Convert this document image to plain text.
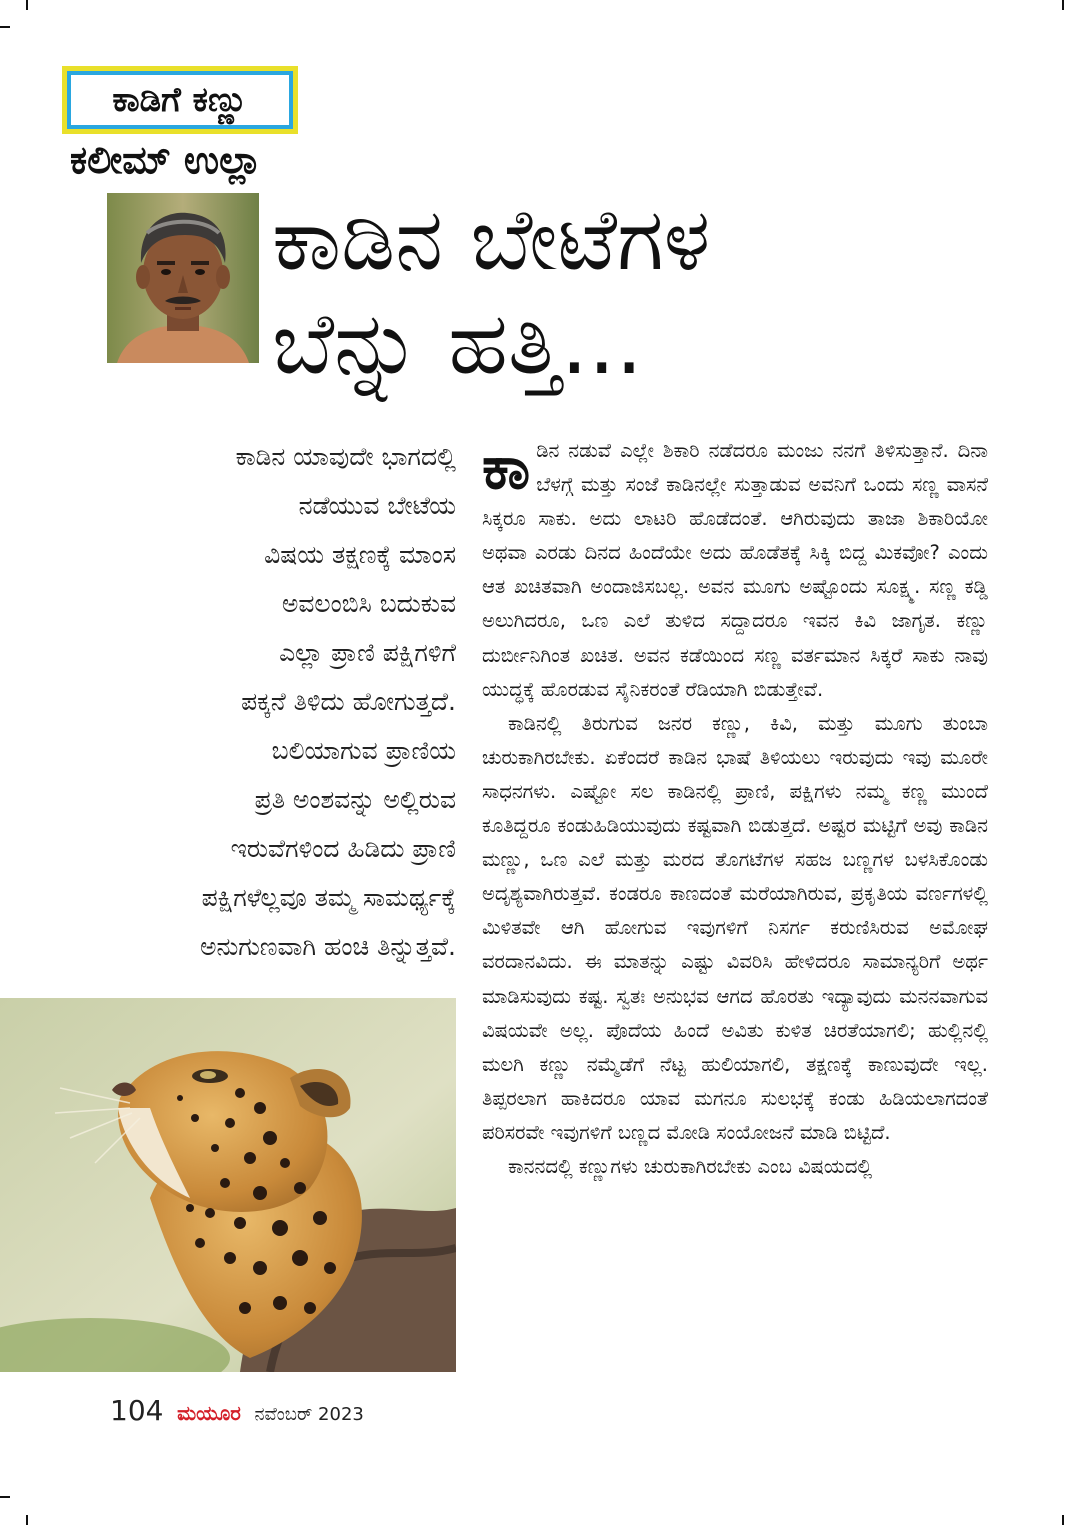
ಕಾಡಿಗೆ ಕಣ್ಣು
ಕಲೀಮ್ ಉಲ್ಲಾ
ಕಾಡಿನ ಬೇಟೆಗಳ
ಬೆನ್ನು ಹತ್ತಿ...
ಕಾಡಿನ ಯಾವುದೇ ಭಾಗದಲ್ಲಿ
ನಡೆಯುವ ಬೇಟೆಯ
ವಿಷಯ ತಕ್ಷಣಕ್ಕೆ ಮಾಂಸ
ಅವಲಂಬಿಸಿ ಬದುಕುವ
ಎಲ್ಲಾ ಪ್ರಾಣಿ ಪಕ್ಷಿಗಳಿಗೆ
ಪಕ್ಕನೆ ತಿಳಿದು ಹೋಗುತ್ತದೆ.
ಬಲಿಯಾಗುವ ಪ್ರಾಣಿಯ
ಪ್ರತಿ ಅಂಶವನ್ನು ಅಲ್ಲಿರುವ
ಇರುವೆಗಳಿಂದ ಹಿಡಿದು ಪ್ರಾಣಿ
ಪಕ್ಷಿಗಳೆಲ್ಲವೂ ತಮ್ಮ ಸಾಮರ್ಥ್ಯಕ್ಕೆ
ಅನುಗುಣವಾಗಿ ಹಂಚಿ ತಿನ್ನುತ್ತವೆ.

ಕಾಡಿನ ನಡುವೆ ಎಲ್ಲೇ ಶಿಕಾರಿ ನಡೆದರೂ ಮಂಜು ನನಗೆ ತಿಳಿಸುತ್ತಾನೆ. ದಿನಾ ಬೆಳಗ್ಗೆ ಮತ್ತು ಸಂಜೆ ಕಾಡಿನಲ್ಲೇ ಸುತ್ತಾಡುವ ಅವನಿಗೆ ಒಂದು ಸಣ್ಣ ವಾಸನೆ ಸಿಕ್ಕರೂ ಸಾಕು. ಅದು ಲಾಟರಿ ಹೊಡೆದಂತೆ. ಆಗಿರುವುದು ತಾಜಾ ಶಿಕಾರಿಯೋ ಅಥವಾ ಎರಡು ದಿನದ ಹಿಂದೆಯೇ ಅದು ಹೊಡೆತಕ್ಕೆ ಸಿಕ್ಕಿ ಬಿದ್ದ ಮಿಕವೋ? ಎಂದು ಆತ ಖಚಿತವಾಗಿ ಅಂದಾಜಿಸಬಲ್ಲ. ಅವನ ಮೂಗು ಅಷ್ಟೊಂದು ಸೂಕ್ಷ್ಮ. ಸಣ್ಣ ಕಡ್ಡಿ ಅಲುಗಿದರೂ, ಒಣ ಎಲೆ ತುಳಿದ ಸದ್ದಾದರೂ ಇವನ ಕಿವಿ ಜಾಗೃತ. ಕಣ್ಣು ದುರ್ಬೀನಿಗಿಂತ ಖಚಿತ. ಅವನ ಕಡೆಯಿಂದ ಸಣ್ಣ ವರ್ತಮಾನ ಸಿಕ್ಕರೆ ಸಾಕು ನಾವು ಯುದ್ಧಕ್ಕೆ ಹೊರಡುವ ಸೈನಿಕರಂತೆ ರೆಡಿಯಾಗಿ ಬಿಡುತ್ತೇವೆ.

ಕಾಡಿನಲ್ಲಿ ತಿರುಗುವ ಜನರ ಕಣ್ಣು, ಕಿವಿ, ಮತ್ತು ಮೂಗು ತುಂಬಾ ಚುರುಕಾಗಿರಬೇಕು. ಏಕೆಂದರೆ ಕಾಡಿನ ಭಾಷೆ ತಿಳಿಯಲು ಇರುವುದು ಇವು ಮೂರೇ ಸಾಧನಗಳು. ಎಷ್ಟೋ ಸಲ ಕಾಡಿನಲ್ಲಿ ಪ್ರಾಣಿ, ಪಕ್ಷಿಗಳು ನಮ್ಮ ಕಣ್ಣ ಮುಂದೆ ಕೂತಿದ್ದರೂ ಕಂಡುಹಿಡಿಯುವುದು ಕಷ್ಟವಾಗಿ ಬಿಡುತ್ತದೆ. ಅಷ್ಟರ ಮಟ್ಟಿಗೆ ಅವು ಕಾಡಿನ ಮಣ್ಣು, ಒಣ ಎಲೆ ಮತ್ತು ಮರದ ತೊಗಟೆಗಳ ಸಹಜ ಬಣ್ಣಗಳ ಬಳಸಿಕೊಂಡು ಅದೃಶ್ಯವಾಗಿರುತ್ತವೆ. ಕಂಡರೂ ಕಾಣದಂತೆ ಮರೆಯಾಗಿರುವ, ಪ್ರಕೃತಿಯ ವರ್ಣಗಳಲ್ಲಿ ಮಿಳಿತವೇ ಆಗಿ ಹೋಗುವ ಇವುಗಳಿಗೆ ನಿಸರ್ಗ ಕರುಣಿಸಿರುವ ಅಮೋಘ ವರದಾನವಿದು. ಈ ಮಾತನ್ನು ಎಷ್ಟು ವಿವರಿಸಿ ಹೇಳಿದರೂ ಸಾಮಾನ್ಯರಿಗೆ ಅರ್ಥ ಮಾಡಿಸುವುದು ಕಷ್ಟ. ಸ್ವತಃ ಅನುಭವ ಆಗದ ಹೊರತು ಇದ್ಯಾವುದು ಮನನವಾಗುವ ವಿಷಯವೇ ಅಲ್ಲ. ಪೊದೆಯ ಹಿಂದೆ ಅವಿತು ಕುಳಿತ ಚಿರತೆಯಾಗಲಿ; ಹುಲ್ಲಿನಲ್ಲಿ ಮಲಗಿ ಕಣ್ಣು ನಮ್ಮೆಡೆಗೆ ನೆಟ್ಟ ಹುಲಿಯಾಗಲಿ, ತಕ್ಷಣಕ್ಕೆ ಕಾಣುವುದೇ ಇಲ್ಲ. ತಿಪ್ಪರಲಾಗ ಹಾಕಿದರೂ ಯಾವ ಮಗನೂ ಸುಲಭಕ್ಕೆ ಕಂಡು ಹಿಡಿಯಲಾಗದಂತೆ ಪರಿಸರವೇ ಇವುಗಳಿಗೆ ಬಣ್ಣದ ಮೋಡಿ ಸಂಯೋಜನೆ ಮಾಡಿ ಬಿಟ್ಟಿದೆ.

ಕಾನನದಲ್ಲಿ ಕಣ್ಣುಗಳು ಚುರುಕಾಗಿರಬೇಕು ಎಂಬ ವಿಷಯದಲ್ಲಿ

104 ಮಯೂರ ನವೆಂಬರ್ 2023
